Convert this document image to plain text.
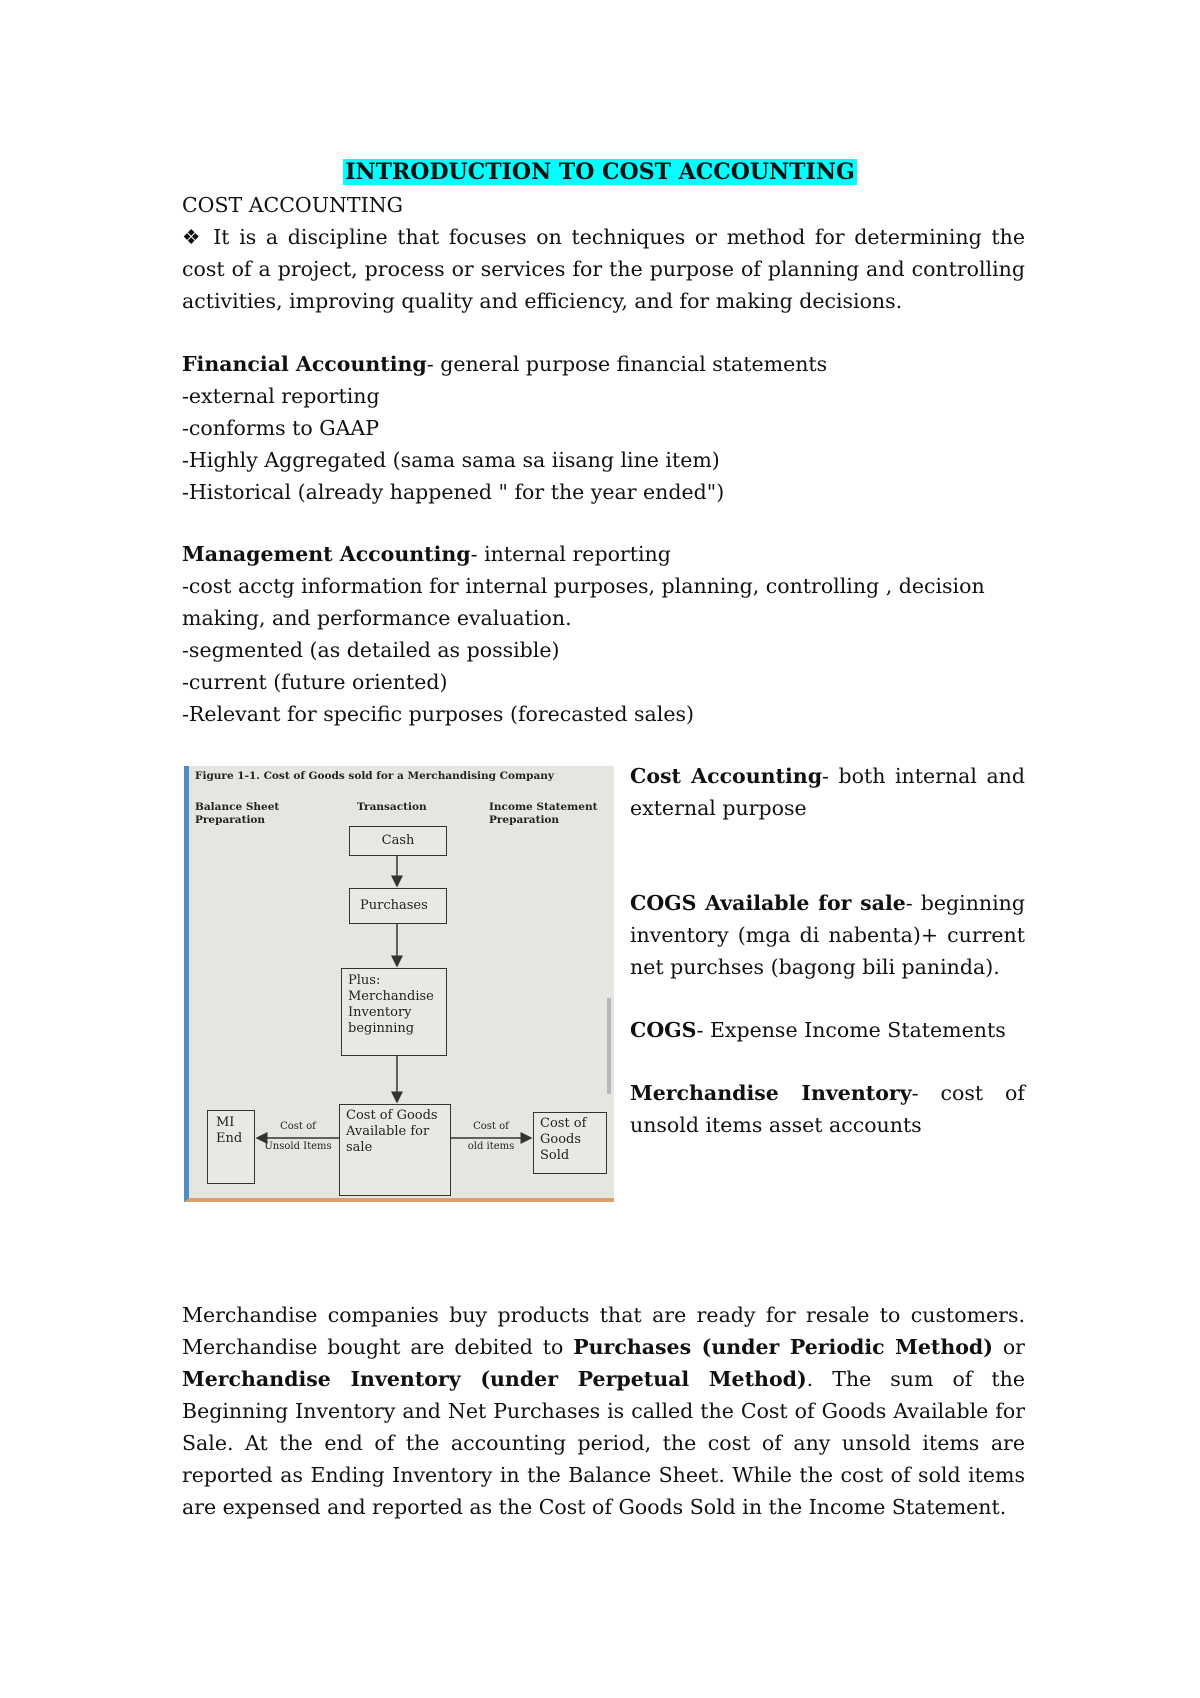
INTRODUCTION TO COST ACCOUNTING
COST ACCOUNTING
❖ It is a discipline that focuses on techniques or method for determining the cost of a project, process or services for the purpose of planning and controlling activities, improving quality and efficiency, and for making decisions.
Financial Accounting- general purpose financial statements
-external reporting
-conforms to GAAP
-Highly Aggregated (sama sama sa iisang line item)
-Historical (already happened " for the year ended")
Management Accounting- internal reporting
-cost acctg information for internal purposes, planning, controlling , decision making, and performance evaluation.
-segmented (as detailed as possible)
-current (future oriented)
-Relevant for specific purposes (forecasted sales)
Figure 1-1. Cost of Goods sold for a Merchandising Company
Balance Sheet
Preparation
Transaction	Income Statement
Preparation
Cash
Purchases
Plus:
Merchandise
Inventory
beginning
Cost of Goods
Available for
sale
MI
End
Cost of
Goods
Sold
Cost of
Unsold Items
Cost of
old items
Cost Accounting- both internal and external purpose
COGS Available for sale- beginning inventory (mga di nabenta)+ current net purchses (bagong bili paninda).
COGS- Expense Income Statements
Merchandise Inventory- cost of unsold items asset accounts
Merchandise companies buy products that are ready for resale to customers. Merchandise bought are debited to Purchases (under Periodic Method) or Merchandise Inventory (under Perpetual Method). The sum of the Beginning Inventory and Net Purchases is called the Cost of Goods Available for Sale. At the end of the accounting period, the cost of any unsold items are reported as Ending Inventory in the Balance Sheet. While the cost of sold items are expensed and reported as the Cost of Goods Sold in the Income Statement.
